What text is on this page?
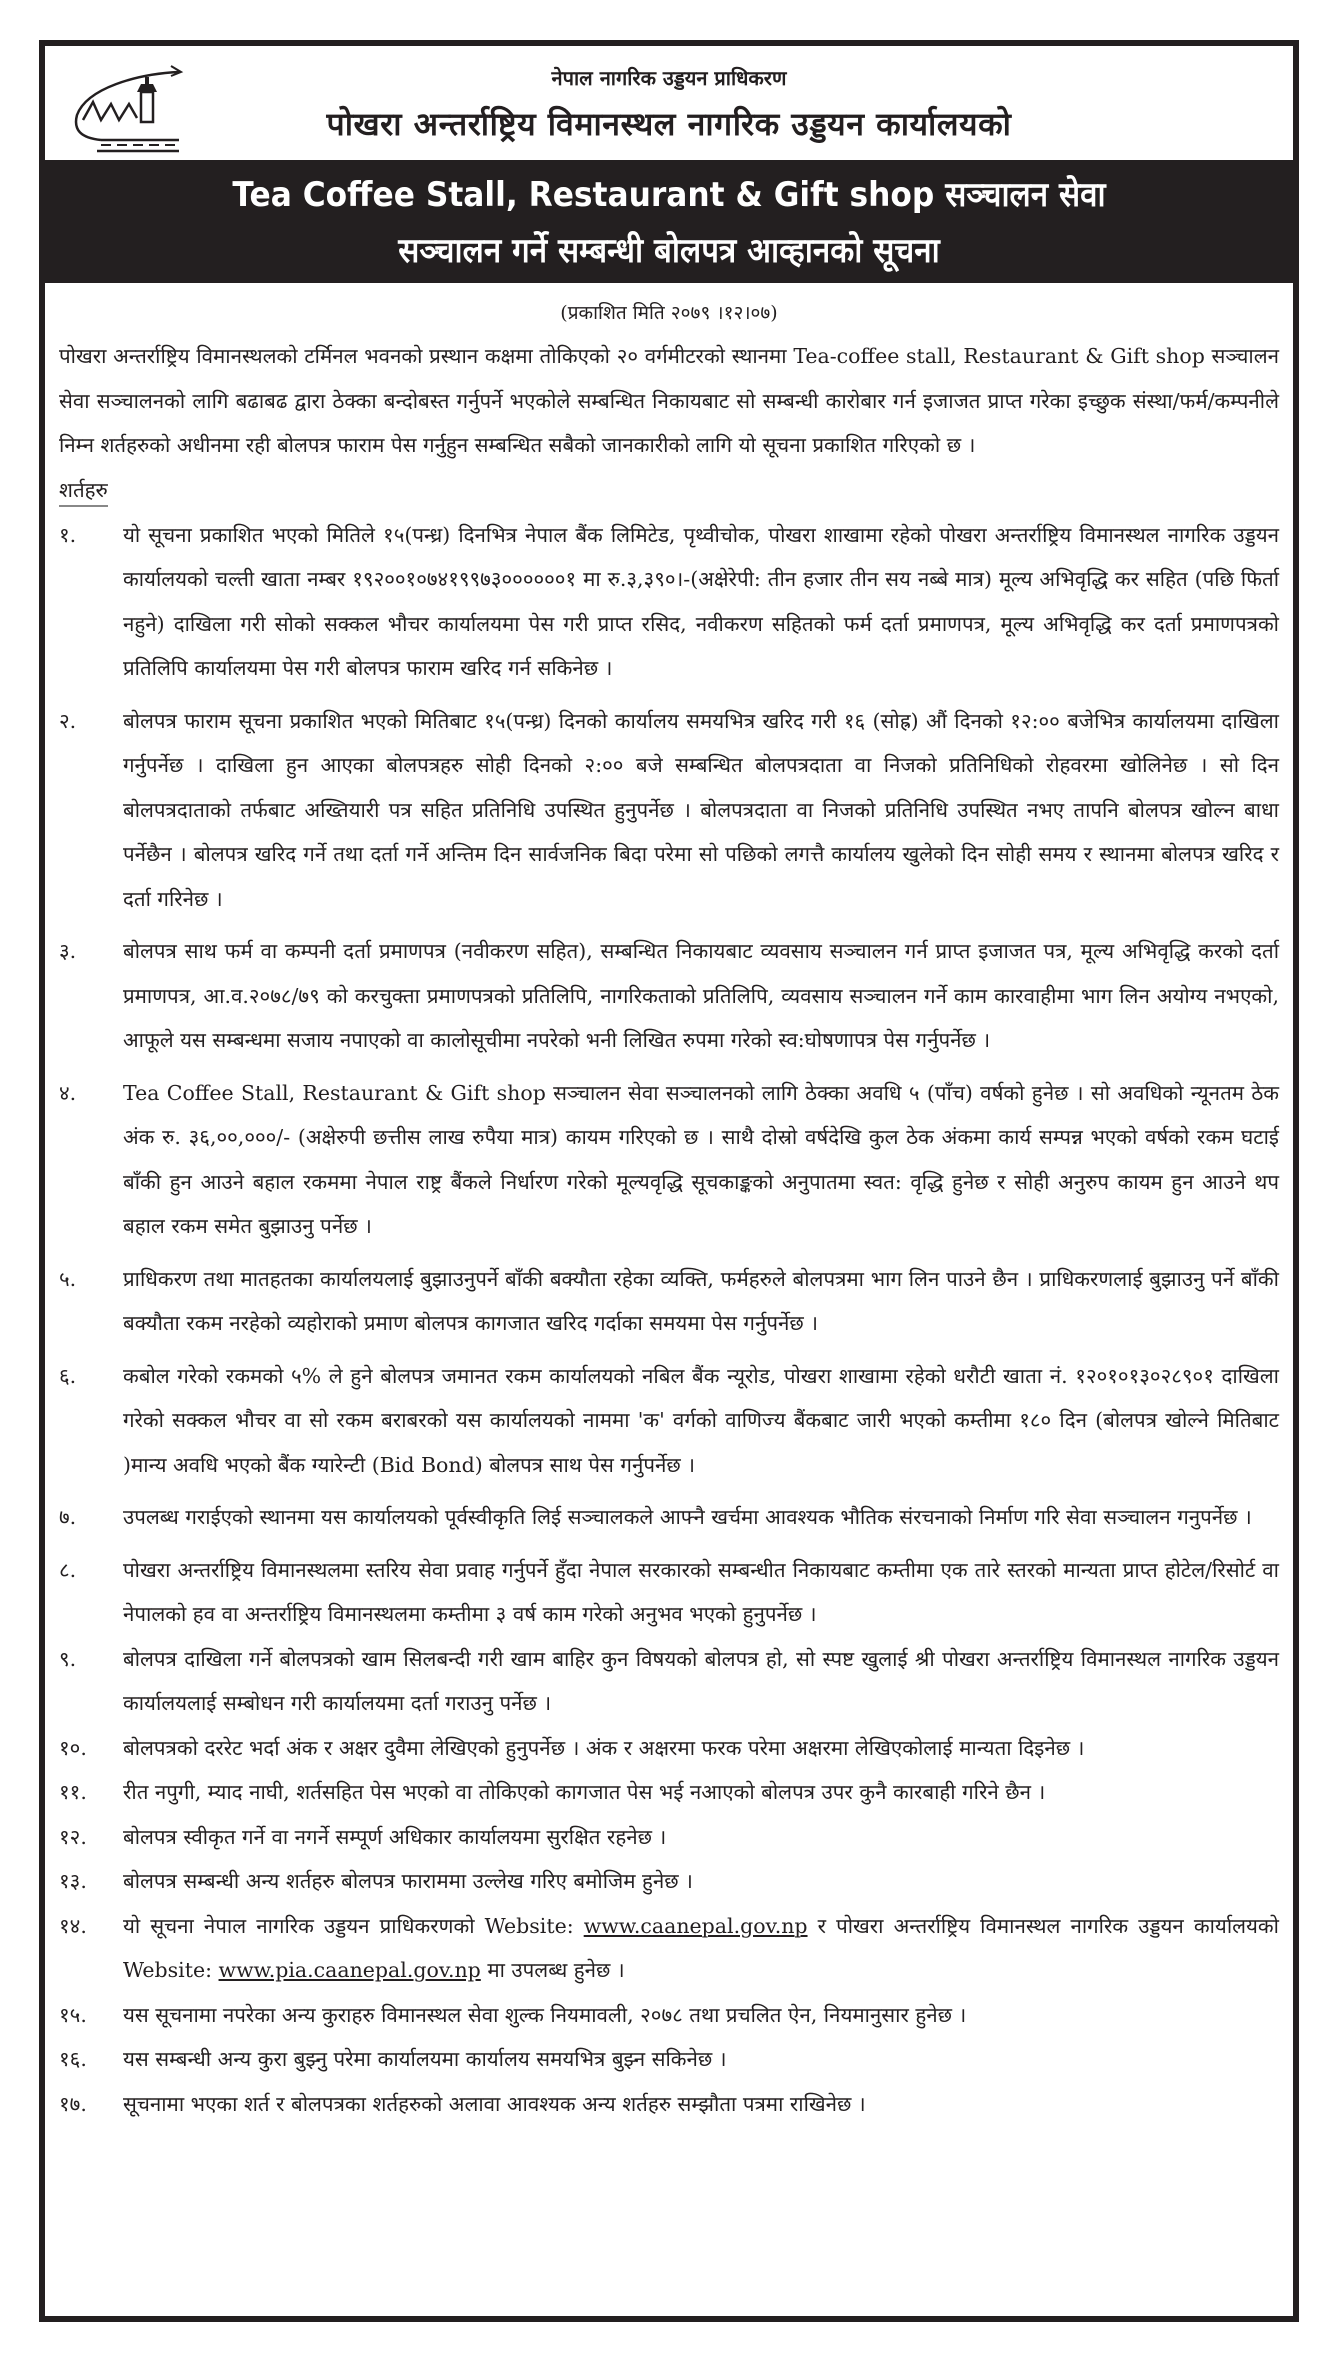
नेपाल नागरिक उड्डयन प्राधिकरण
पोखरा अन्तर्राष्ट्रिय विमानस्थल नागरिक उड्डयन कार्यालयको
Tea Coffee Stall, Restaurant & Gift shop सञ्चालन सेवा
सञ्चालन गर्ने सम्बन्धी बोलपत्र आव्हानको सूचना
(प्रकाशित मिति २०७९ ।१२।०७)

पोखरा अन्तर्राष्ट्रिय विमानस्थलको टर्मिनल भवनको प्रस्थान कक्षमा तोकिएको २० वर्गमीटरको स्थानमा Tea-coffee stall, Restaurant & Gift shop सञ्चालन सेवा सञ्चालनको लागि बढाबढ द्वारा ठेक्का बन्दोबस्त गर्नुपर्ने भएकोले सम्बन्धित निकायबाट सो सम्बन्धी कारोबार गर्न इजाजत प्राप्त गरेका इच्छुक संस्था/फर्म/कम्पनीले निम्न शर्तहरुको अधीनमा रही बोलपत्र फाराम पेस गर्नुहुन सम्बन्धित सबैको जानकारीको लागि यो सूचना प्रकाशित गरिएको छ ।

शर्तहरु
१.	यो सूचना प्रकाशित भएको मितिले १५(पन्ध्र) दिनभित्र नेपाल बैंक लिमिटेड, पृथ्वीचोक, पोखरा शाखामा रहेको पोखरा अन्तर्राष्ट्रिय विमानस्थल नागरिक उड्डयन कार्यालयको चल्ती खाता नम्बर १९२००१०७४१९९७३००००००१ मा रु.३,३९०।-(अक्षेरेपी: तीन हजार तीन सय नब्बे मात्र) मूल्य अभिवृद्धि कर सहित (पछि फिर्ता नहुने) दाखिला गरी सोको सक्कल भौचर कार्यालयमा पेस गरी प्राप्त रसिद, नवीकरण सहितको फर्म दर्ता प्रमाणपत्र, मूल्य अभिवृद्धि कर दर्ता प्रमाणपत्रको प्रतिलिपि कार्यालयमा पेस गरी बोलपत्र फाराम खरिद गर्न सकिनेछ ।
२.	बोलपत्र फाराम सूचना प्रकाशित भएको मितिबाट १५(पन्ध्र) दिनको कार्यालय समयभित्र खरिद गरी १६ (सोह्र) औं दिनको १२:०० बजेभित्र कार्यालयमा दाखिला गर्नुपर्नेछ । दाखिला हुन आएका बोलपत्रहरु सोही दिनको २:०० बजे सम्बन्धित बोलपत्रदाता वा निजको प्रतिनिधिको रोहवरमा खोलिनेछ । सो दिन बोलपत्रदाताको तर्फबाट अख्तियारी पत्र सहित प्रतिनिधि उपस्थित हुनुपर्नेछ । बोलपत्रदाता वा निजको प्रतिनिधि उपस्थित नभए तापनि बोलपत्र खोल्न बाधा पर्नेछैन । बोलपत्र खरिद गर्ने तथा दर्ता गर्ने अन्तिम दिन सार्वजनिक बिदा परेमा सो पछिको लगत्तै कार्यालय खुलेको दिन सोही समय र स्थानमा बोलपत्र खरिद र दर्ता गरिनेछ ।
३.	बोलपत्र साथ फर्म वा कम्पनी दर्ता प्रमाणपत्र (नवीकरण सहित), सम्बन्धित निकायबाट व्यवसाय सञ्चालन गर्न प्राप्त इजाजत पत्र, मूल्य अभिवृद्धि करको दर्ता प्रमाणपत्र, आ.व.२०७८/७९ को करचुक्ता प्रमाणपत्रको प्रतिलिपि, नागरिकताको प्रतिलिपि, व्यवसाय सञ्चालन गर्ने काम कारवाहीमा भाग लिन अयोग्य नभएको, आफूले यस सम्बन्धमा सजाय नपाएको वा कालोसूचीमा नपरेको भनी लिखित रुपमा गरेको स्व:घोषणापत्र पेस गर्नुपर्नेछ ।
४.	Tea Coffee Stall, Restaurant & Gift shop सञ्चालन सेवा सञ्चालनको लागि ठेक्का अवधि ५ (पाँच) वर्षको हुनेछ । सो अवधिको न्यूनतम ठेक अंक रु. ३६,००,०००/- (अक्षेरुपी छत्तीस लाख रुपैया मात्र) कायम गरिएको छ । साथै दोस्रो वर्षदेखि कुल ठेक अंकमा कार्य सम्पन्न भएको वर्षको रकम घटाई बाँकी हुन आउने बहाल रकममा नेपाल राष्ट्र बैंकले निर्धारण गरेको मूल्यवृद्धि सूचकाङ्कको अनुपातमा स्वत: वृद्धि हुनेछ र सोही अनुरुप कायम हुन आउने थप बहाल रकम समेत बुझाउनु पर्नेछ ।
५.	प्राधिकरण तथा मातहतका कार्यालयलाई बुझाउनुपर्ने बाँकी बक्यौता रहेका व्यक्ति, फर्महरुले बोलपत्रमा भाग लिन पाउने छैन । प्राधिकरणलाई बुझाउनु पर्ने बाँकी बक्यौता रकम नरहेको व्यहोराको प्रमाण बोलपत्र कागजात खरिद गर्दाका समयमा पेस गर्नुपर्नेछ ।
६.	कबोल गरेको रकमको ५% ले हुने बोलपत्र जमानत रकम कार्यालयको नबिल बैंक न्यूरोड, पोखरा शाखामा रहेको धरौटी खाता नं. १२०१०१३०२८९०१ दाखिला गरेको सक्कल भौचर वा सो रकम बराबरको यस कार्यालयको नाममा 'क' वर्गको वाणिज्य बैंकबाट जारी भएको कम्तीमा १८० दिन (बोलपत्र खोल्ने मितिबाट )मान्य अवधि भएको बैंक ग्यारेन्टी (Bid Bond) बोलपत्र साथ पेस गर्नुपर्नेछ ।
७.	उपलब्ध गराईएको स्थानमा यस कार्यालयको पूर्वस्वीकृति लिई सञ्चालकले आफ्नै खर्चमा आवश्यक भौतिक संरचनाको निर्माण गरि सेवा सञ्चालन गनुपर्नेछ ।
८.	पोखरा अन्तर्राष्ट्रिय विमानस्थलमा स्तरिय सेवा प्रवाह गर्नुपर्ने हुँदा नेपाल सरकारको सम्बन्धीत निकायबाट कम्तीमा एक तारे स्तरको मान्यता प्राप्त होटेल/रिसोर्ट वा नेपालको हव वा अन्तर्राष्ट्रिय विमानस्थलमा कम्तीमा ३ वर्ष काम गरेको अनुभव भएको हुनुपर्नेछ ।
९.	बोलपत्र दाखिला गर्ने बोलपत्रको खाम सिलबन्दी गरी खाम बाहिर कुन विषयको बोलपत्र हो, सो स्पष्ट खुलाई श्री पोखरा अन्तर्राष्ट्रिय विमानस्थल नागरिक उड्डयन कार्यालयलाई सम्बोधन गरी कार्यालयमा दर्ता गराउनु पर्नेछ ।
१०.	बोलपत्रको दररेट भर्दा अंक र अक्षर दुवैमा लेखिएको हुनुपर्नेछ । अंक र अक्षरमा फरक परेमा अक्षरमा लेखिएकोलाई मान्यता दिइनेछ ।
११.	रीत नपुगी, म्याद नाघी, शर्तसहित पेस भएको वा तोकिएको कागजात पेस भई नआएको बोलपत्र उपर कुनै कारबाही गरिने छैन ।
१२.	बोलपत्र स्वीकृत गर्ने वा नगर्ने सम्पूर्ण अधिकार कार्यालयमा सुरक्षित रहनेछ ।
१३.	बोलपत्र सम्बन्धी अन्य शर्तहरु बोलपत्र फाराममा उल्लेख गरिए बमोजिम हुनेछ ।
१४.	यो सूचना नेपाल नागरिक उड्डयन प्राधिकरणको Website: www.caanepal.gov.np र पोखरा अन्तर्राष्ट्रिय विमानस्थल नागरिक उड्डयन कार्यालयको Website: www.pia.caanepal.gov.np मा उपलब्ध हुनेछ ।
१५.	यस सूचनामा नपरेका अन्य कुराहरु विमानस्थल सेवा शुल्क नियमावली, २०७८ तथा प्रचलित ऐन, नियमानुसार हुनेछ ।
१६.	यस सम्बन्धी अन्य कुरा बुझ्नु परेमा कार्यालयमा कार्यालय समयभित्र बुझ्न सकिनेछ ।
१७.	सूचनामा भएका शर्त र बोलपत्रका शर्तहरुको अलावा आवश्यक अन्य शर्तहरु सम्झौता पत्रमा राखिनेछ ।
